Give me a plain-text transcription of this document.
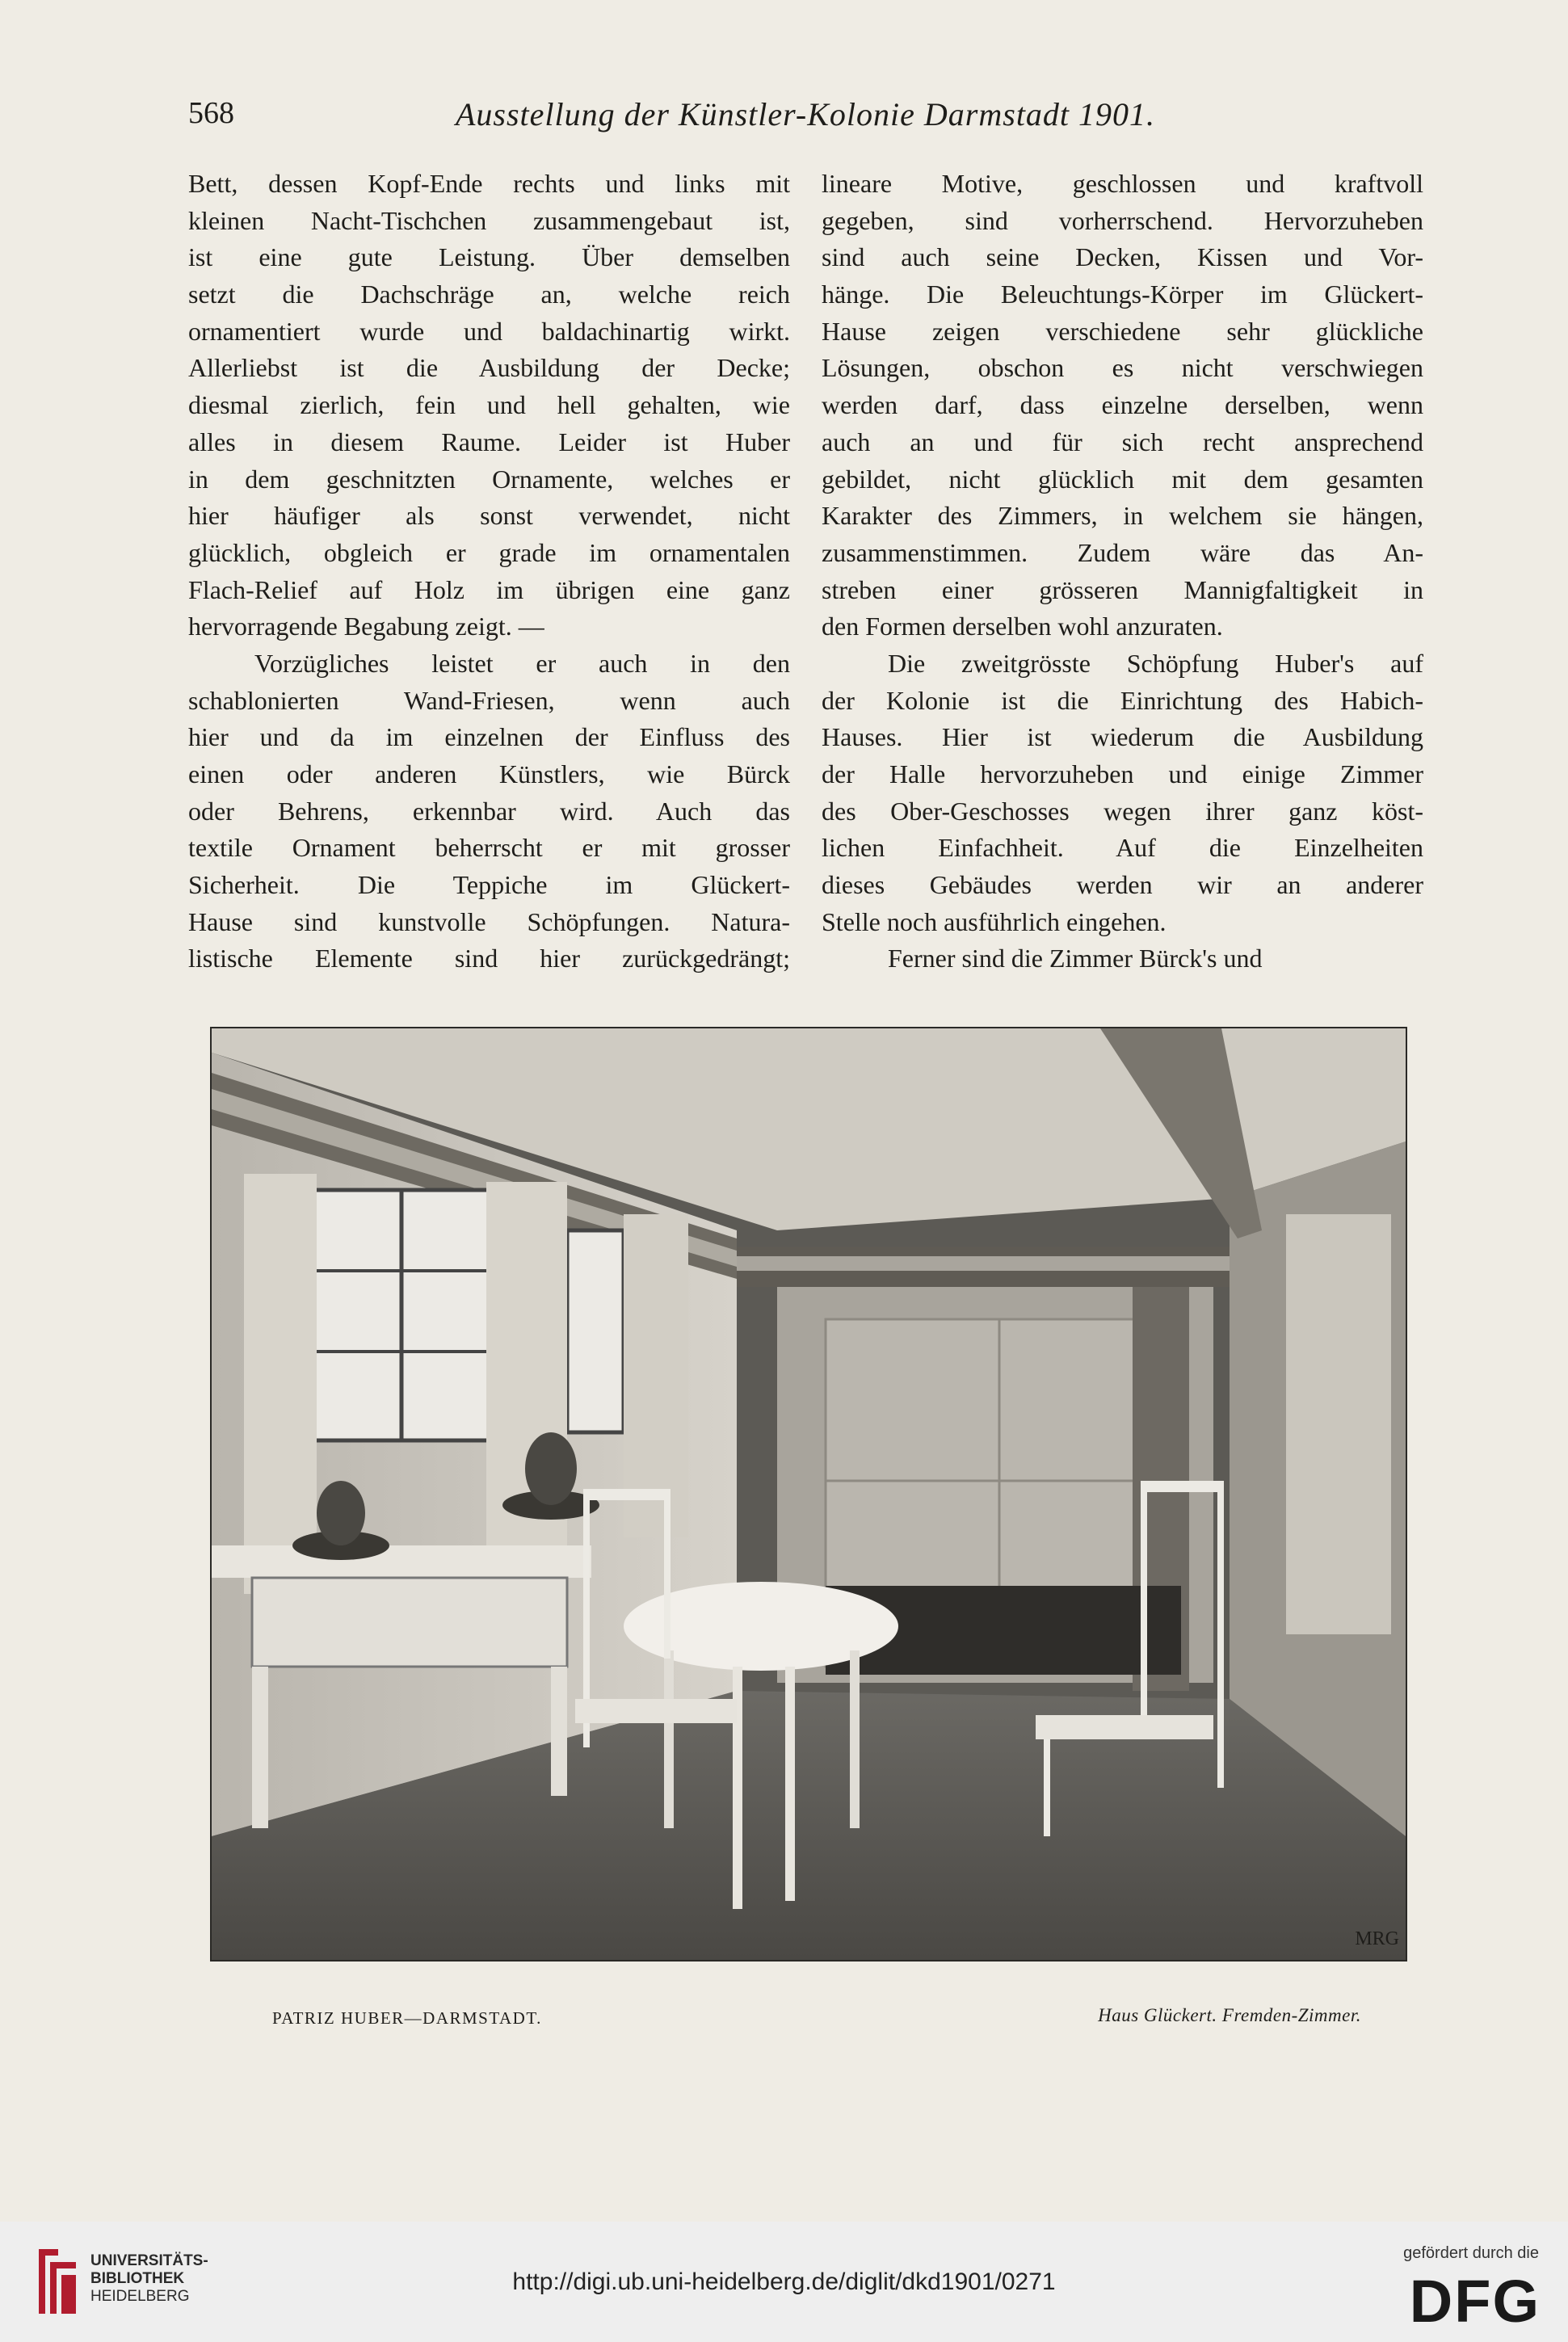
568	Ausstellung der Künstler-Kolonie Darmstadt 1901.
Bett, dessen Kopf-Ende rechts und links mit
kleinen Nacht-Tischchen zusammengebaut ist,
ist eine gute Leistung. Über demselben
setzt die Dachschräge an, welche reich
ornamentiert wurde und baldachinartig wirkt.
Allerliebst ist die Ausbildung der Decke;
diesmal zierlich, fein und hell gehalten, wie
alles in diesem Raume. Leider ist Huber
in dem geschnitzten Ornamente, welches er
hier häufiger als sonst verwendet, nicht
glücklich, obgleich er grade im ornamentalen
Flach-Relief auf Holz im übrigen eine ganz
hervorragende Begabung zeigt. —
Vorzügliches leistet er auch in den
schablonierten Wand-Friesen, wenn auch
hier und da im einzelnen der Einfluss des
einen oder anderen Künstlers, wie Bürck
oder Behrens, erkennbar wird. Auch das
textile Ornament beherrscht er mit grosser
Sicherheit. Die Teppiche im Glückert-
Hause sind kunstvolle Schöpfungen. Natura-
listische Elemente sind hier zurückgedrängt;
lineare Motive, geschlossen und kraftvoll
gegeben, sind vorherrschend. Hervorzuheben
sind auch seine Decken, Kissen und Vor-
hänge. Die Beleuchtungs-Körper im Glückert-
Hause zeigen verschiedene sehr glückliche
Lösungen, obschon es nicht verschwiegen
werden darf, dass einzelne derselben, wenn
auch an und für sich recht ansprechend
gebildet, nicht glücklich mit dem gesamten
Karakter des Zimmers, in welchem sie hängen,
zusammenstimmen. Zudem wäre das An-
streben einer grösseren Mannigfaltigkeit in
den Formen derselben wohl anzuraten.
Die zweitgrösste Schöpfung Huber's auf
der Kolonie ist die Einrichtung des Habich-
Hauses. Hier ist wiederum die Ausbildung
der Halle hervorzuheben und einige Zimmer
des Ober-Geschosses wegen ihrer ganz köst-
lichen Einfachheit. Auf die Einzelheiten
dieses Gebäudes werden wir an anderer
Stelle noch ausführlich eingehen.
Ferner sind die Zimmer Bürck's und
MRG
PATRIZ HUBER—DARMSTADT.	Haus Glückert. Fremden-Zimmer.
UNIVERSITÄTS-
BIBLIOTHEK
HEIDELBERG
http://digi.ub.uni-heidelberg.de/diglit/dkd1901/0271
gefördert durch die
DFG
